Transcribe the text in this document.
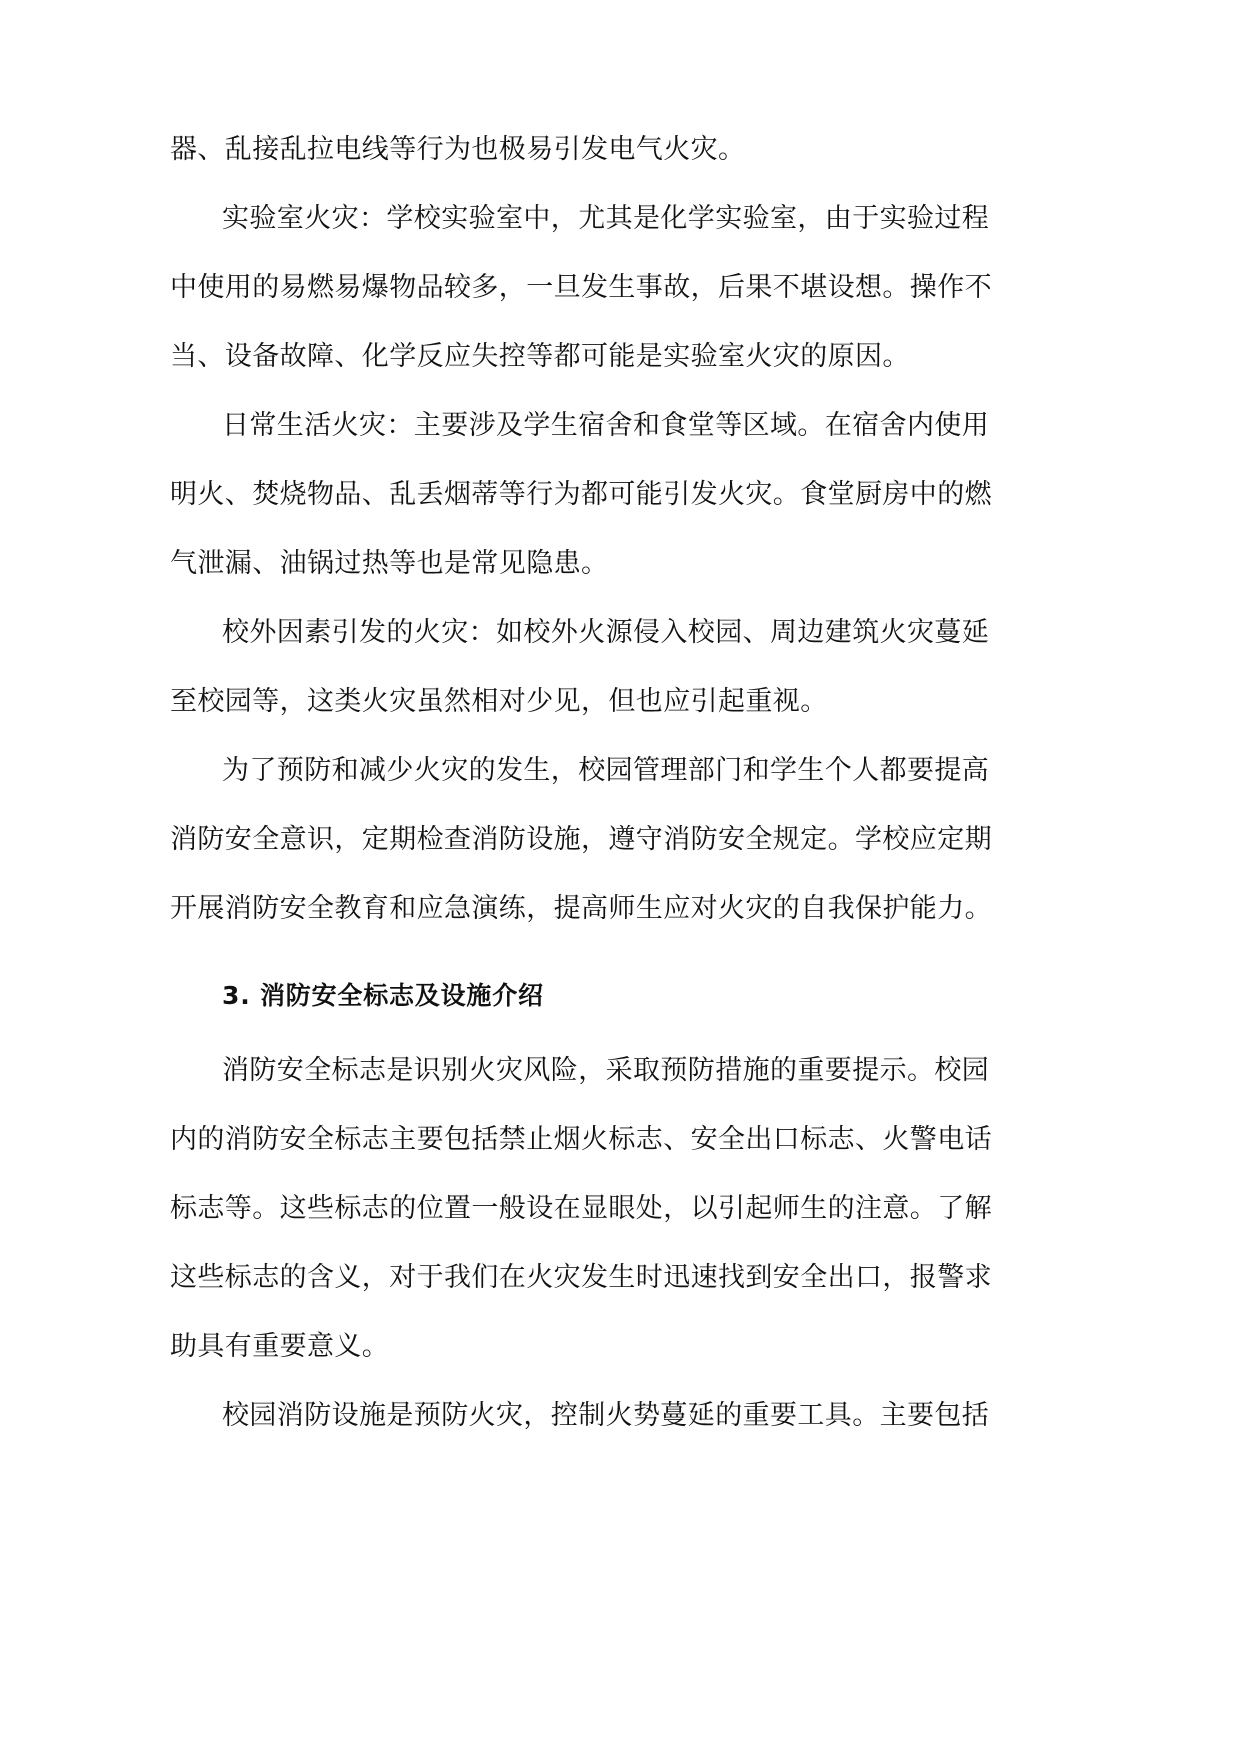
器、乱接乱拉电线等行为也极易引发电气火灾。
实验室火灾：学校实验室中，尤其是化学实验室，由于实验过程
中使用的易燃易爆物品较多，一旦发生事故，后果不堪设想。操作不
当、设备故障、化学反应失控等都可能是实验室火灾的原因。
日常生活火灾：主要涉及学生宿舍和食堂等区域。在宿舍内使用
明火、焚烧物品、乱丢烟蒂等行为都可能引发火灾。食堂厨房中的燃
气泄漏、油锅过热等也是常见隐患。
校外因素引发的火灾：如校外火源侵入校园、周边建筑火灾蔓延
至校园等，这类火灾虽然相对少见，但也应引起重视。
为了预防和减少火灾的发生，校园管理部门和学生个人都要提高
消防安全意识，定期检查消防设施，遵守消防安全规定。学校应定期
开展消防安全教育和应急演练，提高师生应对火灾的自我保护能力。
3. 消防安全标志及设施介绍
消防安全标志是识别火灾风险，采取预防措施的重要提示。校园
内的消防安全标志主要包括禁止烟火标志、安全出口标志、火警电话
标志等。这些标志的位置一般设在显眼处，以引起师生的注意。了解
这些标志的含义，对于我们在火灾发生时迅速找到安全出口，报警求
助具有重要意义。
校园消防设施是预防火灾，控制火势蔓延的重要工具。主要包括
